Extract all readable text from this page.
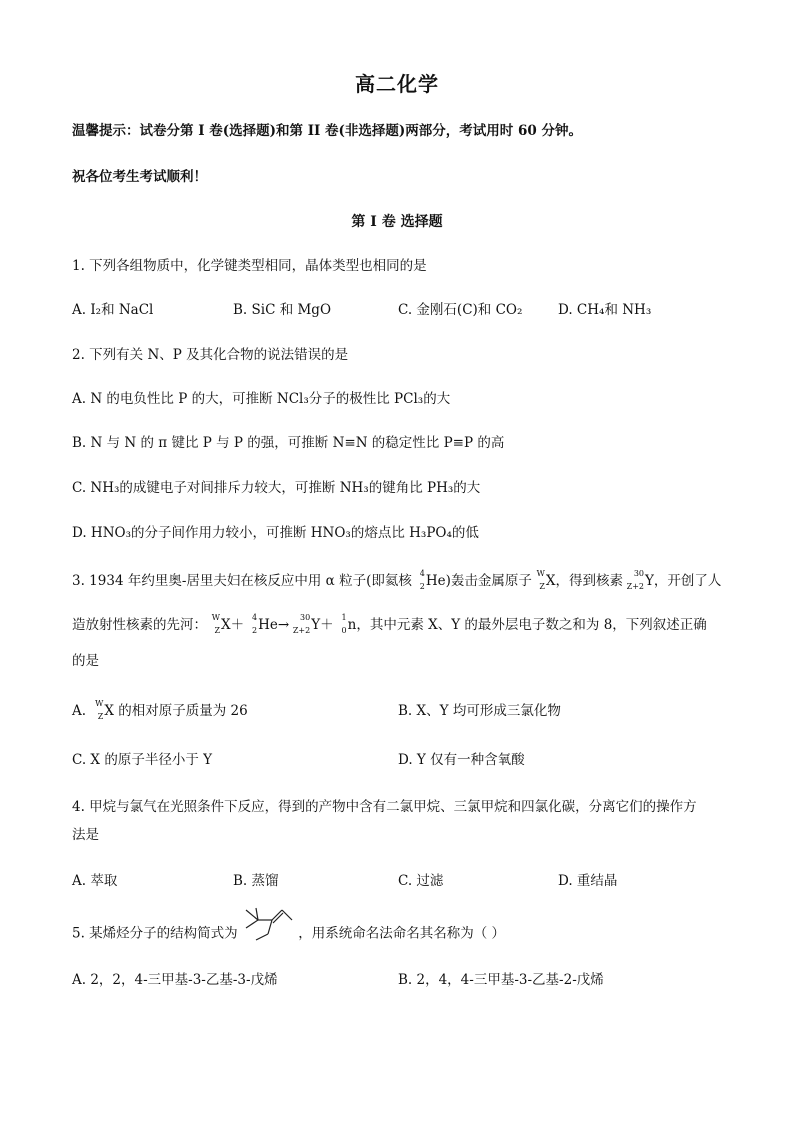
高二化学
温馨提示：试卷分第 I 卷(选择题)和第 II 卷(非选择题)两部分，考试用时 60 分钟。
祝各位考生考试顺利！
第 I 卷 选择题
1. 下列各组物质中，化学键类型相同，晶体类型也相同的是
A. I₂和 NaCl	B. SiC 和 MgO	C. 金刚石(C)和 CO₂	D. CH₄和 NH₃
2. 下列有关 N、P 及其化合物的说法错误的是
A. N 的电负性比 P 的大，可推断 NCl₃分子的极性比 PCl₃的大
B. N 与 N 的 π 键比 P 与 P 的强，可推断 N≡N 的稳定性比 P≡P 的高
C. NH₃的成键电子对间排斥力较大，可推断 NH₃的键角比 PH₃的大
D. HNO₃的分子间作用力较小，可推断 HNO₃的熔点比 H₃PO₄的低
3. 1934 年约里奥-居里夫妇在核反应中用 α 粒子(即氦核 4
2 He)轰击金属原子 W
Z X，得到核素 30
Z+2 Y，开创了人
造放射性核素的先河： W
Z X＋ 4
2 He→ 30
Z+2 Y＋ 1
0 n，其中元素 X、Y 的最外层电子数之和为 8，下列叙述正确
的是
A. W
Z X 的相对原子质量为 26	B. X、Y 均可形成三氯化物
C. X 的原子半径小于 Y	D. Y 仅有一种含氧酸
4. 甲烷与氯气在光照条件下反应，得到的产物中含有二氯甲烷、三氯甲烷和四氯化碳，分离它们的操作方
法是
A. 萃取	B. 蒸馏	C. 过滤	D. 重结晶
5. 某烯烃分子的结构简式为	，用系统命名法命名其名称为（ ）
A. 2，2，4-三甲基-3-乙基-3-戊烯	B. 2，4，4-三甲基-3-乙基-2-戊烯
